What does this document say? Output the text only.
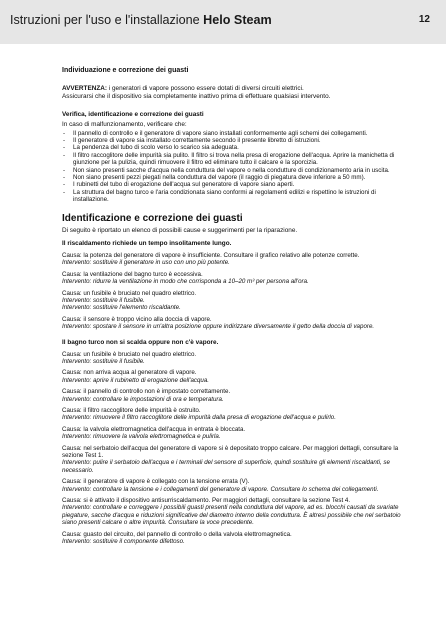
Istruzioni per l'uso e l'installazione Helo Steam	12

Individuazione e correzione dei guasti

AVVERTENZA: i generatori di vapore possono essere dotati di diversi circuiti elettrici.

Assicurarsi che il dispositivo sia completamente inattivo prima di effettuare qualsiasi intervento.

Verifica, identificazione e correzione dei guasti

In caso di malfunzionamento, verificare che:

- Il pannello di controllo e il generatore di vapore siano installati conformemente agli schemi dei collegamenti.
- Il generatore di vapore sia installato correttamente secondo il presente libretto di istruzioni.
- La pendenza del tubo di scolo verso lo scarico sia adeguata.
- Il filtro raccoglitore delle impurità sia pulito. Il filtro si trova nella presa di erogazione dell'acqua. Aprire la manichetta di giunzione per la pulizia, quindi rimuovere il filtro ed eliminare tutto il calcare e la sporcizia.
- Non siano presenti sacche d'acqua nella conduttura del vapore o nella condutture di condizionamento aria in uscita.
- Non siano presenti pezzi piegati nella conduttura del vapore (il raggio di piegatura deve inferiore a 50 mm).
- I rubinetti del tubo di erogazione dell'acqua sul generatore di vapore siano aperti.
- La struttura del bagno turco e l'aria condizionata siano conformi ai regolamenti edilizi e rispettino le istruzioni di installazione.

Identificazione e correzione dei guasti

Di seguito è riportato un elenco di possibili cause e suggerimenti per la riparazione.

Il riscaldamento richiede un tempo insolitamente lungo.

Causa: la potenza del generatore di vapore è insufficiente. Consultare il grafico relativo alle potenze corrette.

Intervento: sostituire il generatore in uso con uno più potente.

Causa: la ventilazione del bagno turco è eccessiva.

Intervento: ridurre la ventilazione in modo che corrisponda a 10–20 m³ per persona all'ora.

Causa: un fusibile è bruciato nel quadro elettrico.

Intervento: sostituire il fusibile.
Intervento: sostituire l'elemento riscaldante.

Causa: il sensore è troppo vicino alla doccia di vapore.

Intervento: spostare il sensore in un'altra posizione oppure indirizzare diversamente il getto della doccia di vapore.

Il bagno turco non si scalda oppure non c'è vapore.

Causa: un fusibile è bruciato nel quadro elettrico.

Intervento: sostituire il fusibile.

Causa: non arriva acqua al generatore di vapore.

Intervento: aprire il rubinetto di erogazione dell'acqua.

Causa: il pannello di controllo non è impostato correttamente.

Intervento: controllare le impostazioni di ora e temperatura.

Causa: il filtro raccoglitore delle impurità è ostruito.

Intervento: rimuovere il filtro raccoglitore delle impurità dalla presa di erogazione dell'acqua e pulirlo.

Causa: la valvola elettromagnetica dell'acqua in entrata è bloccata.

Intervento: rimuovere la valvola elettromagnetica e pulirla.

Causa: nel serbatoio dell'acqua del generatore di vapore si è depositato troppo calcare. Per maggiori dettagli, consultare la sezione Test 1.

Intervento: pulire il serbatoio dell'acqua e i terminali del sensore di superficie, quindi sostituire gli elementi riscaldanti, se necessario.

Causa: il generatore di vapore è collegato con la tensione errata (V).

Intervento: controllare la tensione e i collegamenti del generatore di vapore. Consultare lo schema dei collegamenti.

Causa: si è attivato il dispositivo antisurriscaldamento. Per maggiori dettagli, consultare la sezione Test 4.

Intervento: controllare e correggere i possibili guasti presenti nella conduttura del vapore, ad es. blocchi causati da svariate piegature, sacche d'acqua e riduzioni significative del diametro interno della conduttura. È altresì possibile che nel serbatoio siano presenti calcare o altre impurità. Consultare la voce precedente.

Causa: guasto del circuito, del pannello di controllo o della valvola elettromagnetica.

Intervento: sostituire il componente difettoso.
